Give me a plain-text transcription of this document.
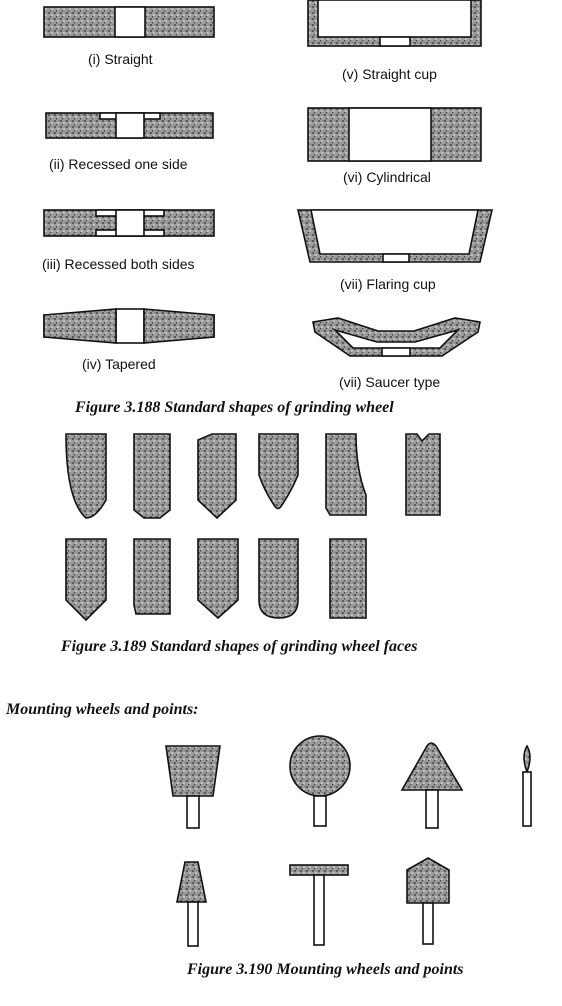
(i) Straight
(ii) Recessed one side
(iii) Recessed both sides
(iv) Tapered
(v) Straight cup
(vi) Cylindrical
(vii) Flaring cup
(vii) Saucer type
Figure 3.188 Standard shapes of grinding wheel
Figure 3.189 Standard shapes of grinding wheel faces
Mounting wheels and points:
Figure 3.190 Mounting wheels and points
